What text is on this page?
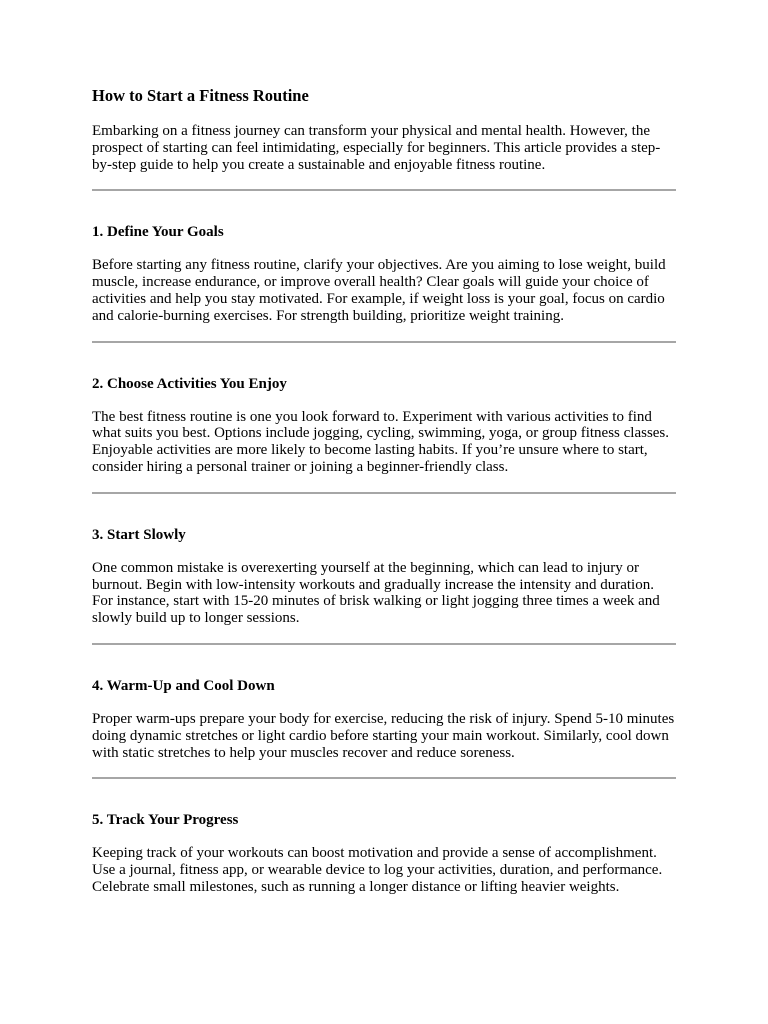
How to Start a Fitness Routine

Embarking on a fitness journey can transform your physical and mental health. However, the prospect of starting can feel intimidating, especially for beginners. This article provides a step-by-step guide to help you create a sustainable and enjoyable fitness routine.

1. Define Your Goals

Before starting any fitness routine, clarify your objectives. Are you aiming to lose weight, build muscle, increase endurance, or improve overall health? Clear goals will guide your choice of activities and help you stay motivated. For example, if weight loss is your goal, focus on cardio and calorie-burning exercises. For strength building, prioritize weight training.

2. Choose Activities You Enjoy

The best fitness routine is one you look forward to. Experiment with various activities to find what suits you best. Options include jogging, cycling, swimming, yoga, or group fitness classes. Enjoyable activities are more likely to become lasting habits. If you’re unsure where to start, consider hiring a personal trainer or joining a beginner-friendly class.

3. Start Slowly

One common mistake is overexerting yourself at the beginning, which can lead to injury or burnout. Begin with low-intensity workouts and gradually increase the intensity and duration. For instance, start with 15-20 minutes of brisk walking or light jogging three times a week and slowly build up to longer sessions.

4. Warm-Up and Cool Down

Proper warm-ups prepare your body for exercise, reducing the risk of injury. Spend 5-10 minutes doing dynamic stretches or light cardio before starting your main workout. Similarly, cool down with static stretches to help your muscles recover and reduce soreness.

5. Track Your Progress

Keeping track of your workouts can boost motivation and provide a sense of accomplishment. Use a journal, fitness app, or wearable device to log your activities, duration, and performance. Celebrate small milestones, such as running a longer distance or lifting heavier weights.
